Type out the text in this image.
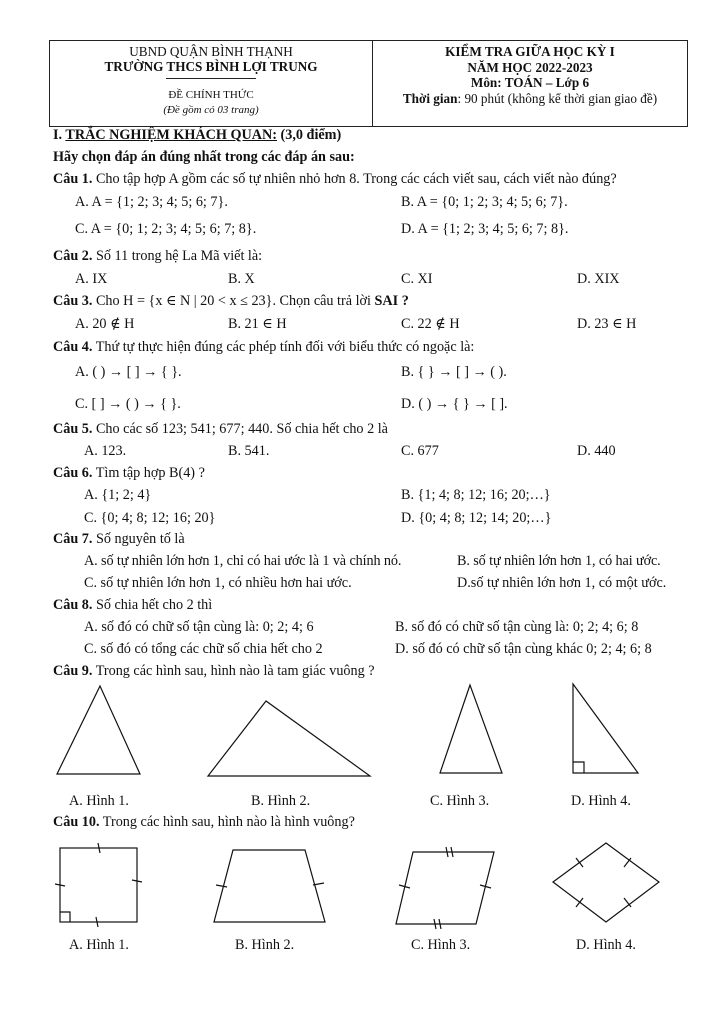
UBND QUẬN BÌNH THẠNH
TRƯỜNG THCS BÌNH LỢI TRUNG
ĐỀ CHÍNH THỨC
(Đề gồm có 03 trang)
KIỂM TRA GIỮA HỌC KỲ I
NĂM HỌC 2022-2023
Môn: TOÁN – Lớp 6
Thời gian: 90 phút (không kể thời gian giao đề)
I. TRẮC NGHIỆM KHÁCH QUAN: (3,0 điểm)
Hãy chọn đáp án đúng nhất trong các đáp án sau:
Câu 1. Cho tập hợp A gồm các số tự nhiên nhỏ hơn 8. Trong các cách viết sau, cách viết nào đúng?
A. A = {1; 2; 3; 4; 5; 6; 7}.	B. A = {0; 1; 2; 3; 4; 5; 6; 7}.
C. A = {0; 1; 2; 3; 4; 5; 6; 7; 8}.	D. A = {1; 2; 3; 4; 5; 6; 7; 8}.
Câu 2. Số 11 trong hệ La Mã viết là:
A. IX	B. X	C. XI	D. XIX
Câu 3. Cho H = {x ∈ N | 20 < x ≤ 23}. Chọn câu trả lời SAI ?
A. 20 ∉ H	B. 21 ∈ H	C. 22 ∉ H	D. 23 ∈ H
Câu 4. Thứ tự thực hiện đúng các phép tính đối với biểu thức có ngoặc là:
A. ( ) → [ ] → { }.	B. { } → [ ] → ( ).
C. [ ] → ( ) → { }.	D. ( ) → { } → [ ].
Câu 5. Cho các số 123; 541; 677; 440. Số chia hết cho 2 là
A. 123.	B. 541.	C. 677	D. 440
Câu 6. Tìm tập hợp B(4) ?
A. {1; 2; 4}	B. {1; 4; 8; 12; 16; 20;…}
C. {0; 4; 8; 12; 16; 20}	D. {0; 4; 8; 12; 14; 20;…}
Câu 7. Số nguyên tố là
A. số tự nhiên lớn hơn 1, chỉ có hai ước là 1 và chính nó.	B. số tự nhiên lớn hơn 1, có hai ước.
C. số tự nhiên lớn hơn 1, có nhiều hơn hai ước.	D.số tự nhiên lớn hơn 1, có một ước.
Câu 8. Số chia hết cho 2 thì
A. số đó có chữ số tận cùng là: 0; 2; 4; 6	B. số đó có chữ số tận cùng là: 0; 2; 4; 6; 8
C. số đó có tổng các chữ số chia hết cho 2	D. số đó có chữ số tận cùng khác 0; 2; 4; 6; 8
Câu 9. Trong các hình sau, hình nào là tam giác vuông ?
A. Hình 1.	B. Hình 2.	C. Hình 3.	D. Hình 4.
Câu 10. Trong các hình sau, hình nào là hình vuông?
A. Hình 1.	B. Hình 2.	C. Hình 3.	D. Hình 4.
